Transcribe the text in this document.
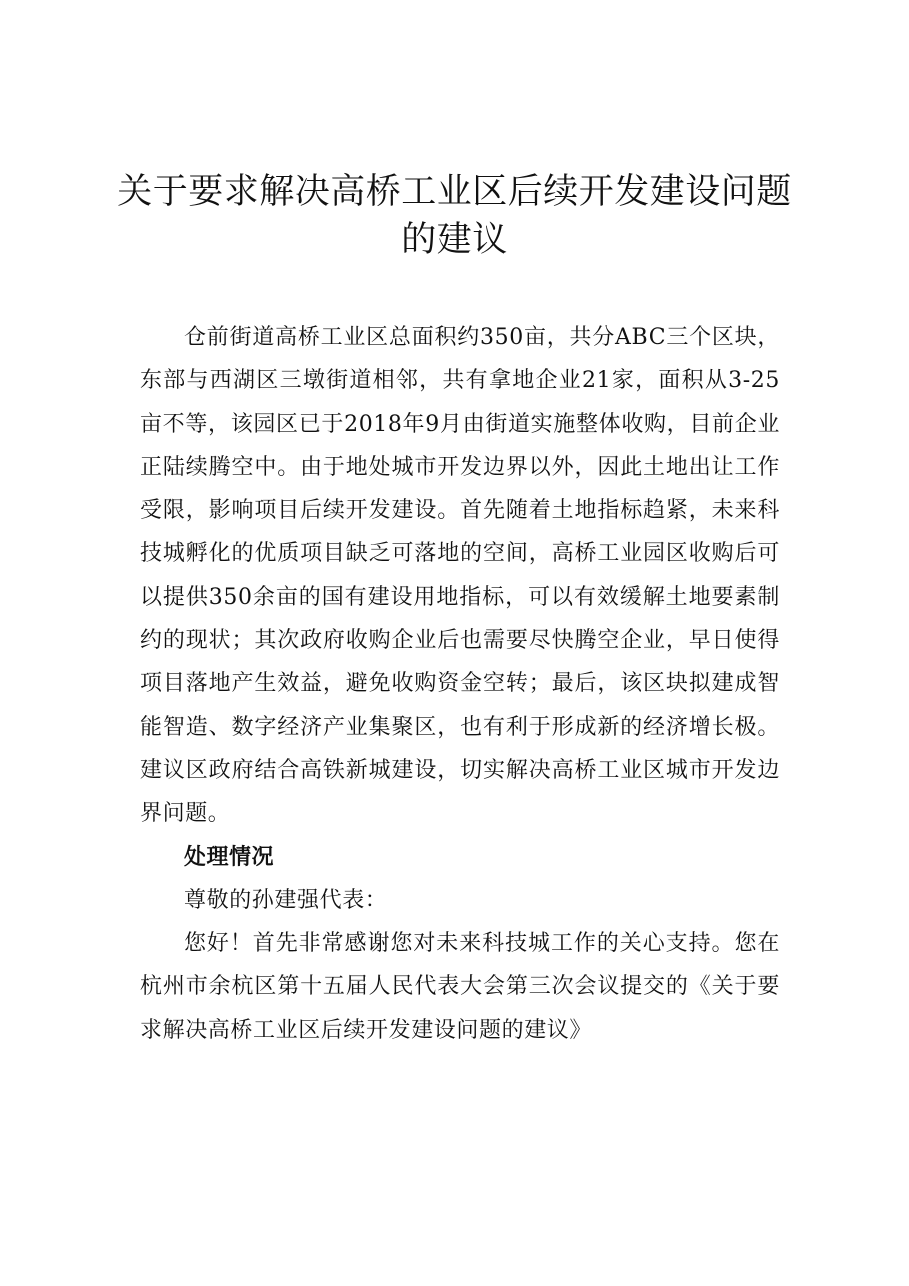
关于要求解决高桥工业区后续开发建设问题的建议

仓前街道高桥工业区总面积约350亩，共分ABC三个区块，东部与西湖区三墩街道相邻，共有拿地企业21家，面积从3-25亩不等，该园区已于2018年9月由街道实施整体收购，目前企业正陆续腾空中。由于地处城市开发边界以外，因此土地出让工作受限，影响项目后续开发建设。首先随着土地指标趋紧，未来科技城孵化的优质项目缺乏可落地的空间，高桥工业园区收购后可以提供350余亩的国有建设用地指标，可以有效缓解土地要素制约的现状；其次政府收购企业后也需要尽快腾空企业，早日使得项目落地产生效益，避免收购资金空转；最后，该区块拟建成智能智造、数字经济产业集聚区，也有利于形成新的经济增长极。建议区政府结合高铁新城建设，切实解决高桥工业区城市开发边界问题。

处理情况

尊敬的孙建强代表：

您好！首先非常感谢您对未来科技城工作的关心支持。您在杭州市余杭区第十五届人民代表大会第三次会议提交的《关于要求解决高桥工业区后续开发建设问题的建议》
